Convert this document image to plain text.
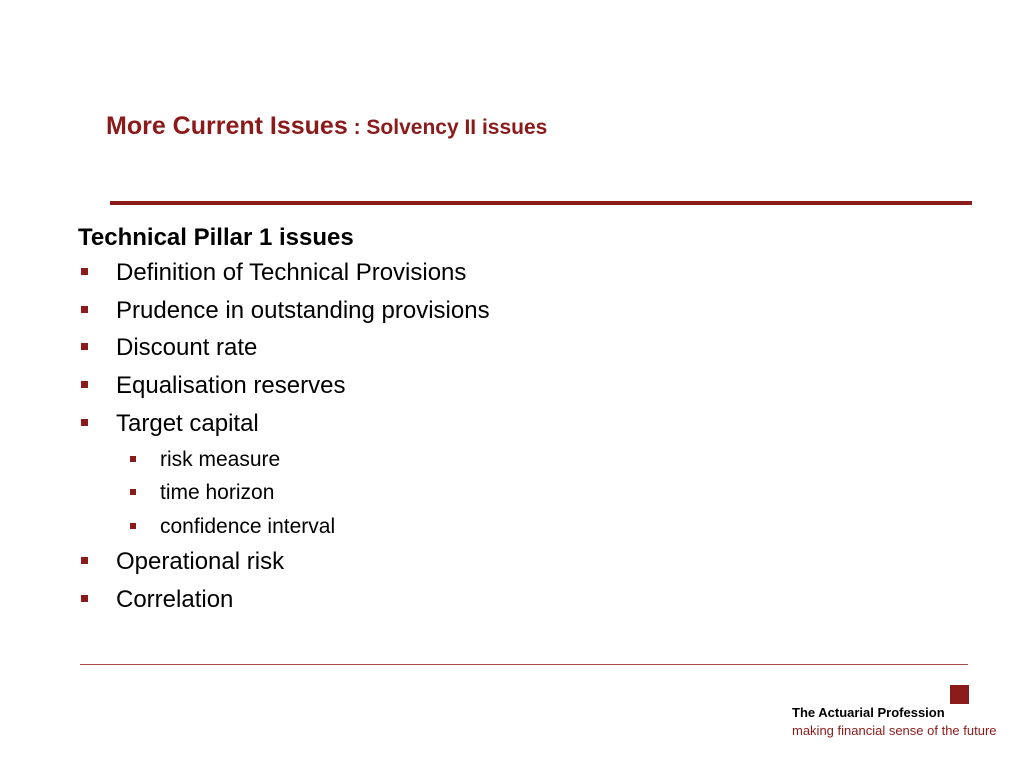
More Current Issues : Solvency II issues
Technical Pillar 1 issues
Definition of Technical Provisions
Prudence in outstanding provisions
Discount rate
Equalisation reserves
Target capital
risk measure
time horizon
confidence interval
Operational risk
Correlation
The Actuarial Profession
making financial sense of the future
